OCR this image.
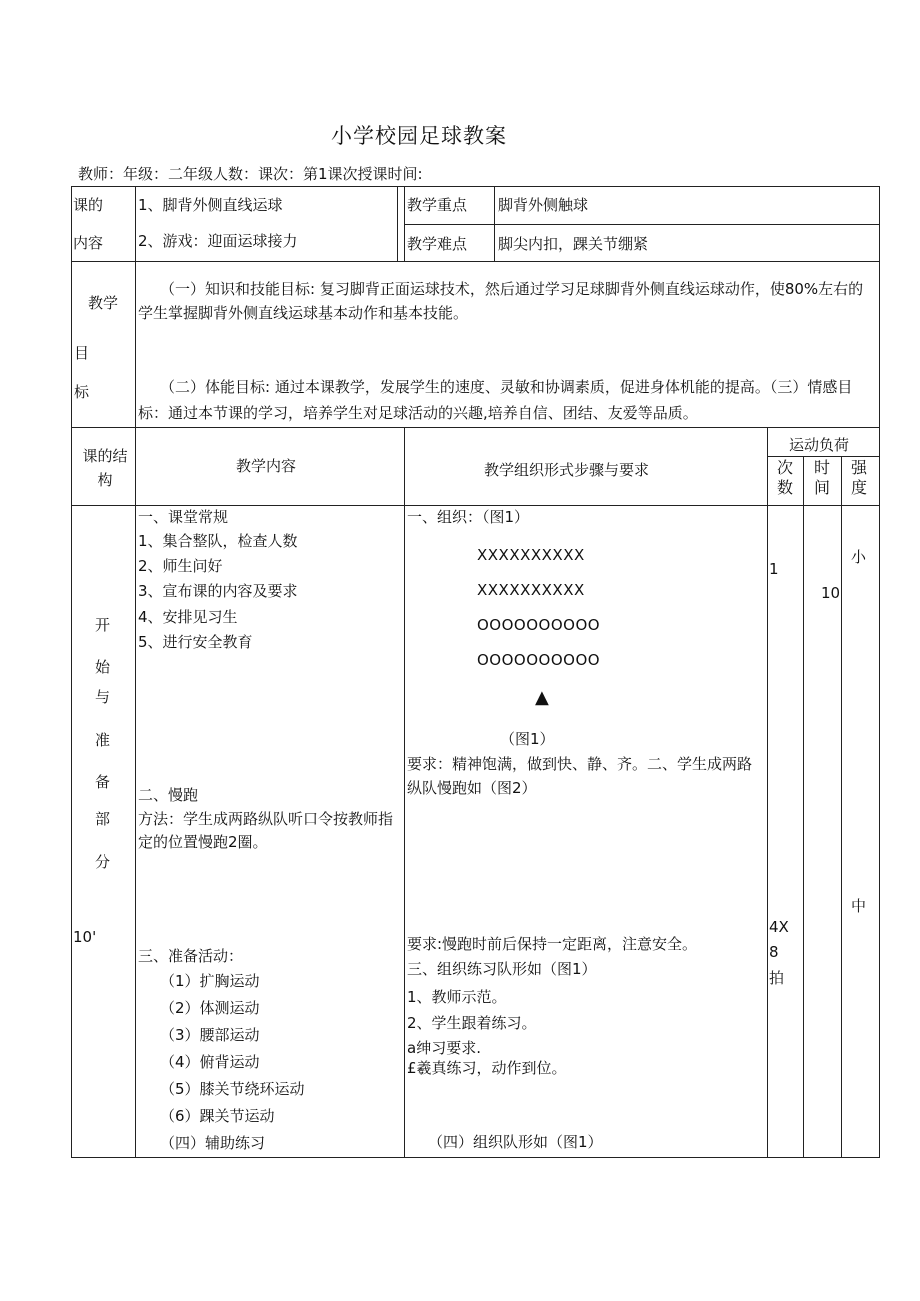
小学校园足球教案
教师：年级：二年级人数：课次：第1课次授课时间:
课的
内容
1、脚背外侧直线运球
2、游戏：迎面运球接力
教学重点 脚背外侧触球
教学难点 脚尖内扣，踝关节绷紧
教学
目
标
（一）知识和技能目标: 复习脚背正面运球技术，然后通过学习足球脚背外侧直线运球动作，使80%左右的学生掌握脚背外侧直线运球基本动作和基本技能。
（二）体能目标: 通过本课教学，发展学生的速度、灵敏和协调素质，促进身体机能的提高。（三）情感目标：通过本节课的学习，培养学生对足球活动的兴趣,培养自信、团结、友爱等品质。
课的结构
教学内容	教学组织形式步骤与要求
运动负荷
次数
时间
强度
开
始
与
准
备
部
分
10'
一、课堂常规
1、集合整队，检查人数
2、师生问好
3、宣布课的内容及要求
4、安排见习生
5、进行安全教育
二、慢跑
方法：学生成两路纵队听口令按教师指定的位置慢跑2圈。
三、准备活动：
（1）扩胸运动
（2）体测运动
（3）腰部运动
（4）俯背运动
（5）膝关节绕环运动
（6）踝关节运动
（四）辅助练习
一、组织：（图1）
XXXXXXXXXX
XXXXXXXXXX
OOOOOOOOOO
OOOOOOOOOO
▲
（图1）
要求：精神饱满，做到快、静、齐。二、学生成两路纵队慢跑如（图2）
要求:慢跑时前后保持一定距离，注意安全。
三、组织练习队形如（图1）
1、教师示范。
2、学生跟着练习。
a绅习要求.
£羲真练习，动作到位。
（四）组织队形如（图1）
1
10
小
4X
8
拍
中
